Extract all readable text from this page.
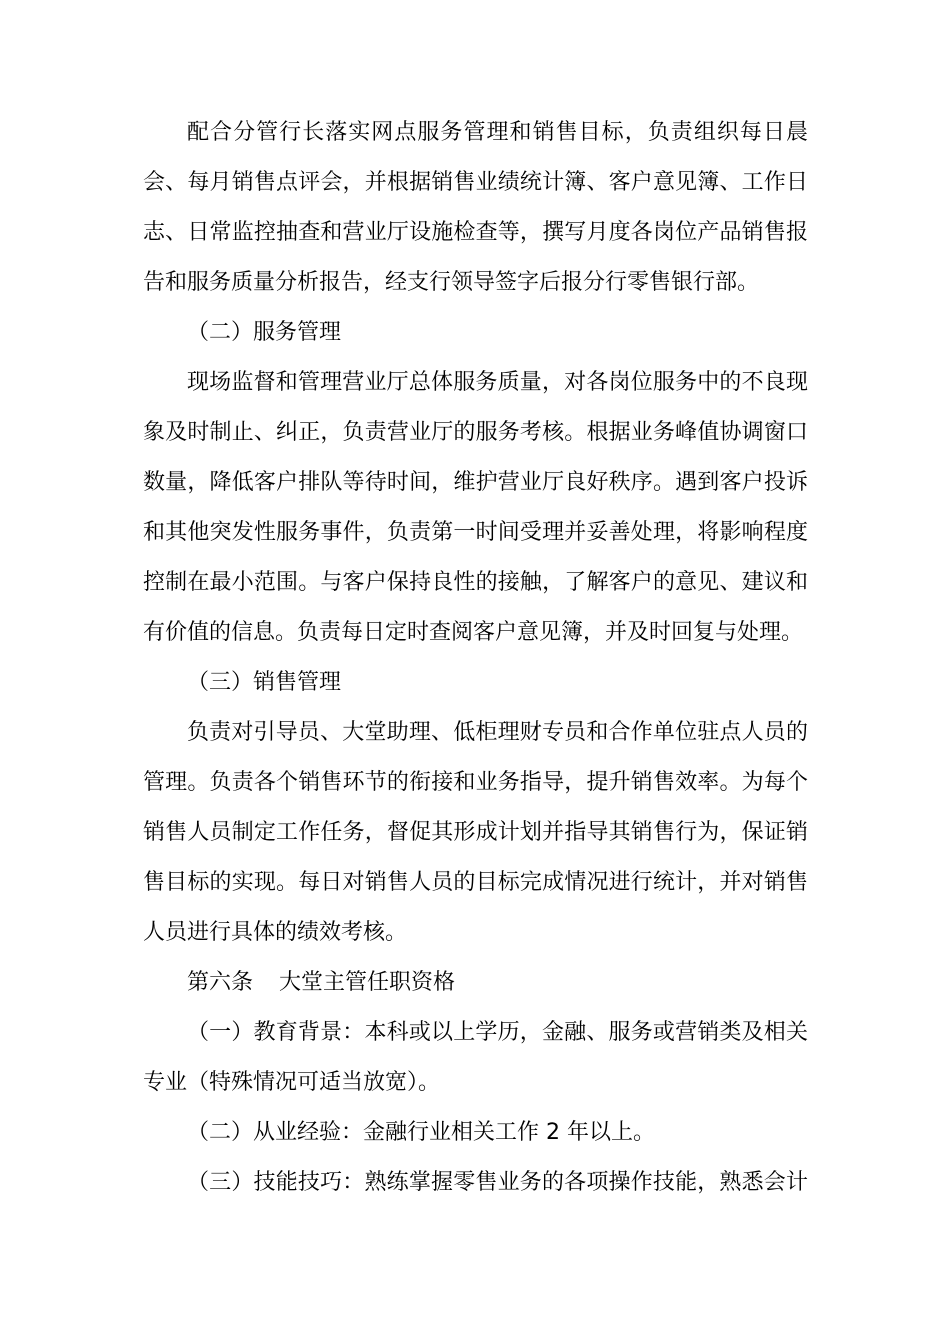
配合分管行长落实网点服务管理和销售目标，负责组织每日晨
会、每月销售点评会，并根据销售业绩统计簿、客户意见簿、工作日
志、日常监控抽查和营业厅设施检查等，撰写月度各岗位产品销售报
告和服务质量分析报告，经支行领导签字后报分行零售银行部。
（二）服务管理
现场监督和管理营业厅总体服务质量，对各岗位服务中的不良现
象及时制止、纠正，负责营业厅的服务考核。根据业务峰值协调窗口
数量，降低客户排队等待时间，维护营业厅良好秩序。遇到客户投诉
和其他突发性服务事件，负责第一时间受理并妥善处理，将影响程度
控制在最小范围。与客户保持良性的接触，了解客户的意见、建议和
有价值的信息。负责每日定时查阅客户意见簿，并及时回复与处理。
（三）销售管理
负责对引导员、大堂助理、低柜理财专员和合作单位驻点人员的
管理。负责各个销售环节的衔接和业务指导，提升销售效率。为每个
销售人员制定工作任务，督促其形成计划并指导其销售行为，保证销
售目标的实现。每日对销售人员的目标完成情况进行统计，并对销售
人员进行具体的绩效考核。
第六条 大堂主管任职资格
（一）教育背景：本科或以上学历，金融、服务或营销类及相关
专业（特殊情况可适当放宽）。
（二）从业经验：金融行业相关工作 2 年以上。
（三）技能技巧：熟练掌握零售业务的各项操作技能，熟悉会计
